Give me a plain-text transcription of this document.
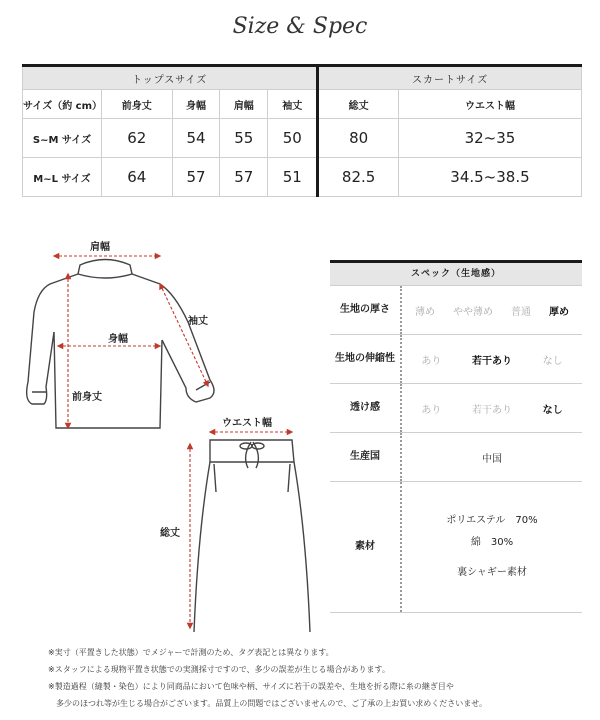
Size & Spec
トップスサイズ					スカートサイズ	
サイズ（約 cm）	前身丈	身幅	肩幅	袖丈	総丈	ウエスト幅
S~M サイズ	62	54	55	50	80	32~35
M~L サイズ	64	57	57	51	82.5	34.5~38.5
肩幅
袖丈
身幅
前身丈
ウエスト幅
総丈
スペック（生地感）
生地の厚さ	薄め やや薄め 普通 厚め
生地の伸縮性	あり	若干あり	なし
透け感	あり	若干あり	なし
生産国	中国
素材
ポリエステル　70%
綿　30%
裏シャギー素材
※実寸（平置きした状態）でメジャーで計測のため、タグ表記とは異なります。
※スタッフによる現物平置き状態での実測採寸ですので、多少の誤差が生じる場合があります。
※製造過程（縫製・染色）により同商品において色味や柄、サイズに若干の誤差や、生地を折る際に糸の継ぎ目や
　多少のほつれ等が生じる場合がございます。品質上の問題ではございませんので、ご了承の上お買い求めくださいませ。
